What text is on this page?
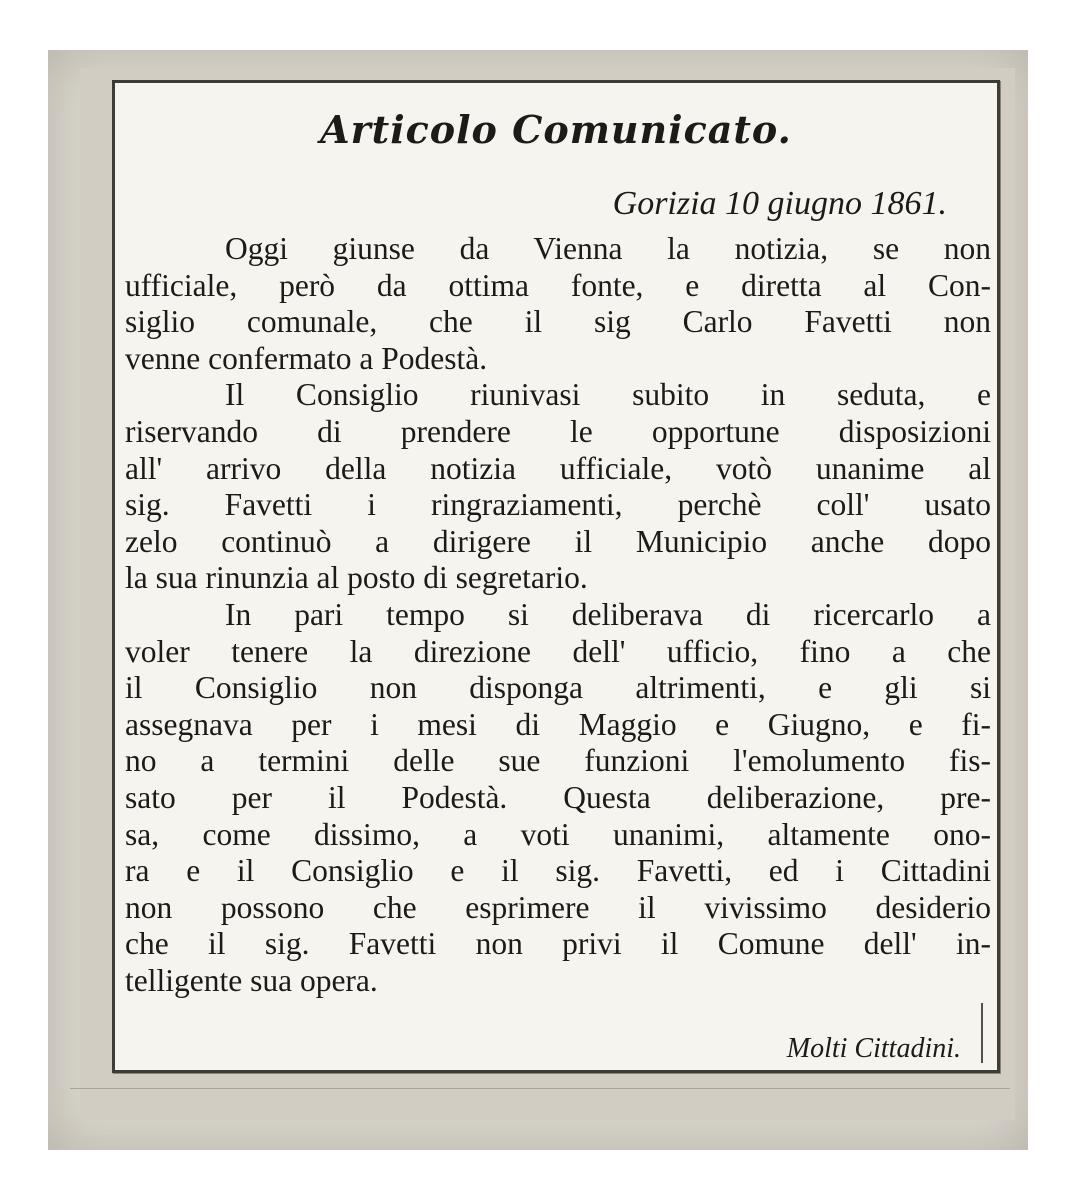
Articolo Comunicato.
Gorizia 10 giugno 1861.
Oggi giunse da Vienna la notizia, se non
ufficiale, però da ottima fonte, e diretta al Con-
siglio comunale, che il sig Carlo Favetti non
venne confermato a Podestà.
Il Consiglio riunivasi subito in seduta, e
riservando di prendere le opportune disposizioni
all' arrivo della notizia ufficiale, votò unanime al
sig. Favetti i ringraziamenti, perchè coll' usato
zelo continuò a dirigere il Municipio anche dopo
la sua rinunzia al posto di segretario.
In pari tempo si deliberava di ricercarlo a
voler tenere la direzione dell' ufficio, fino a che
il Consiglio non disponga altrimenti, e gli si
assegnava per i mesi di Maggio e Giugno, e fi-
no a termini delle sue funzioni l'emolumento fis-
sato per il Podestà. Questa deliberazione, pre-
sa, come dissimo, a voti unanimi, altamente ono-
ra e il Consiglio e il sig. Favetti, ed i Cittadini
non possono che esprimere il vivissimo desiderio
che il sig. Favetti non privi il Comune dell' in-
telligente sua opera.
Molti Cittadini.
